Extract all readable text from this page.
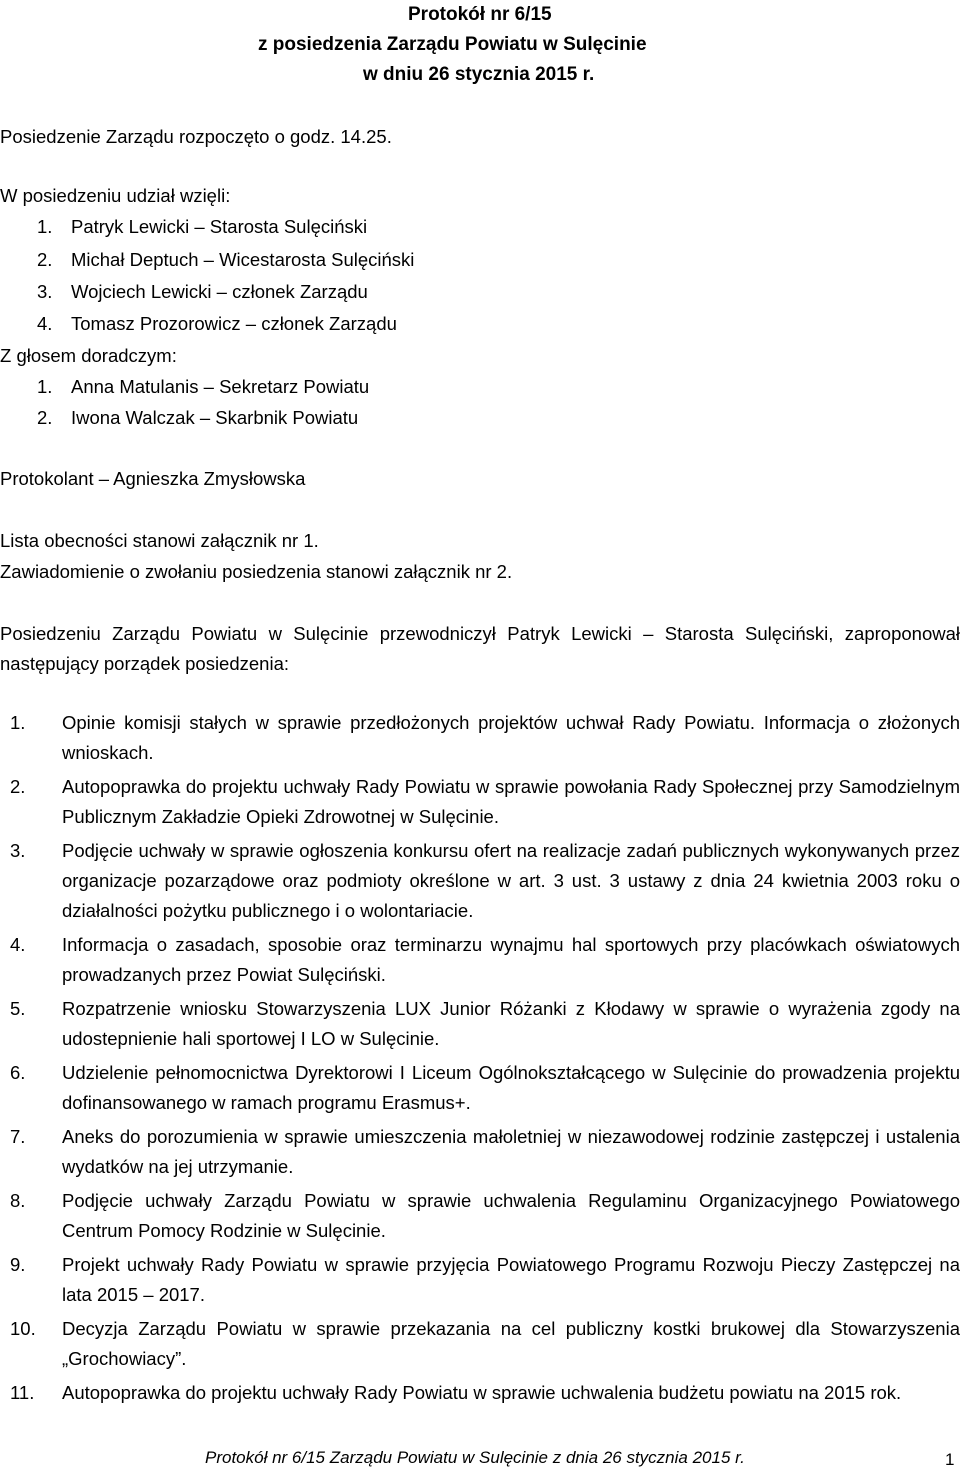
Protokół nr 6/15
z posiedzenia Zarządu Powiatu w Sulęcinie
w dniu 26 stycznia 2015 r.
Posiedzenie Zarządu rozpoczęto o godz. 14.25.
W posiedzeniu udział wzięli:
1. Patryk Lewicki – Starosta Sulęciński
2. Michał Deptuch – Wicestarosta Sulęciński
3. Wojciech Lewicki – członek Zarządu
4. Tomasz Prozorowicz – członek Zarządu
Z głosem doradczym:
1. Anna Matulanis – Sekretarz Powiatu
2. Iwona Walczak – Skarbnik Powiatu
Protokolant – Agnieszka Zmysłowska
Lista obecności stanowi załącznik nr 1.
Zawiadomienie o zwołaniu posiedzenia stanowi załącznik nr 2.
Posiedzeniu Zarządu Powiatu w Sulęcinie przewodniczył Patryk Lewicki – Starosta Sulęciński, zaproponował następujący porządek posiedzenia:
1. Opinie komisji stałych w sprawie przedłożonych projektów uchwał Rady Powiatu. Informacja o złożonych wnioskach.
2. Autopoprawka do projektu uchwały Rady Powiatu w sprawie powołania Rady Społecznej przy Samodzielnym Publicznym Zakładzie Opieki Zdrowotnej w Sulęcinie.
3. Podjęcie uchwały w sprawie ogłoszenia konkursu ofert na realizacje zadań publicznych wykonywanych przez organizacje pozarządowe oraz podmioty określone w art. 3 ust. 3 ustawy z dnia 24 kwietnia 2003 roku o działalności pożytku publicznego i o wolontariacie.
4. Informacja o zasadach, sposobie oraz terminarzu wynajmu hal sportowych przy placówkach oświatowych prowadzanych przez Powiat Sulęciński.
5. Rozpatrzenie wniosku Stowarzyszenia LUX Junior Różanki z Kłodawy w sprawie o wyrażenia zgody na udostepnienie hali sportowej I LO w Sulęcinie.
6. Udzielenie pełnomocnictwa Dyrektorowi I Liceum Ogólnokształcącego w Sulęcinie do prowadzenia projektu dofinansowanego w ramach programu Erasmus+.
7. Aneks do porozumienia w sprawie umieszczenia małoletniej w niezawodowej rodzinie zastępczej i ustalenia wydatków na jej utrzymanie.
8. Podjęcie uchwały Zarządu Powiatu w sprawie uchwalenia Regulaminu Organizacyjnego Powiatowego Centrum Pomocy Rodzinie w Sulęcinie.
9. Projekt uchwały Rady Powiatu w sprawie przyjęcia Powiatowego Programu Rozwoju Pieczy Zastępczej na lata 2015 – 2017.
10. Decyzja Zarządu Powiatu w sprawie przekazania na cel publiczny kostki brukowej dla Stowarzyszenia „Grochowiacy”.
11. Autopoprawka do projektu uchwały Rady Powiatu w sprawie uchwalenia budżetu powiatu na 2015 rok.
Protokół nr 6/15 Zarządu Powiatu w Sulęcinie z dnia 26 stycznia 2015 r.	1
